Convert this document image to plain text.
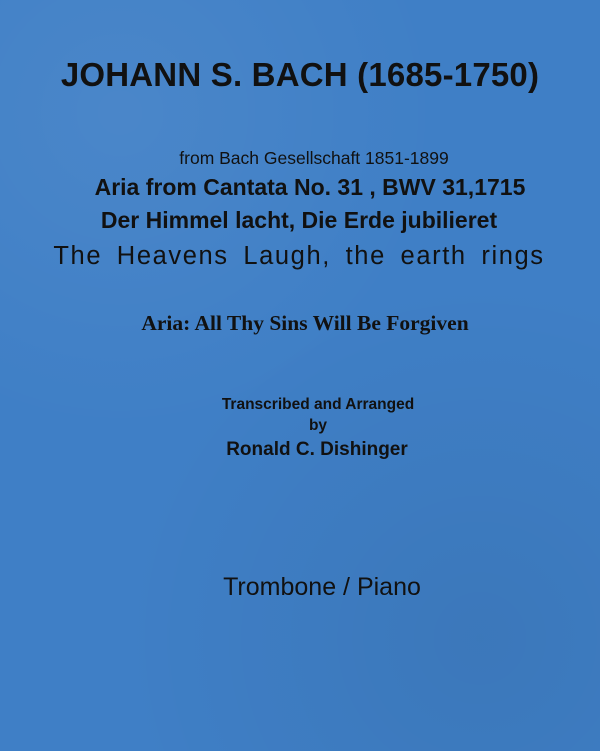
JOHANN S. BACH (1685-1750)
from Bach Gesellschaft 1851-1899
Aria from Cantata No. 31 , BWV 31,1715
Der Himmel lacht, Die Erde jubilieret
The Heavens Laugh, the earth rings
Aria: All Thy Sins Will Be Forgiven
Transcribed and Arranged
by
Ronald C. Dishinger
Trombone / Piano
